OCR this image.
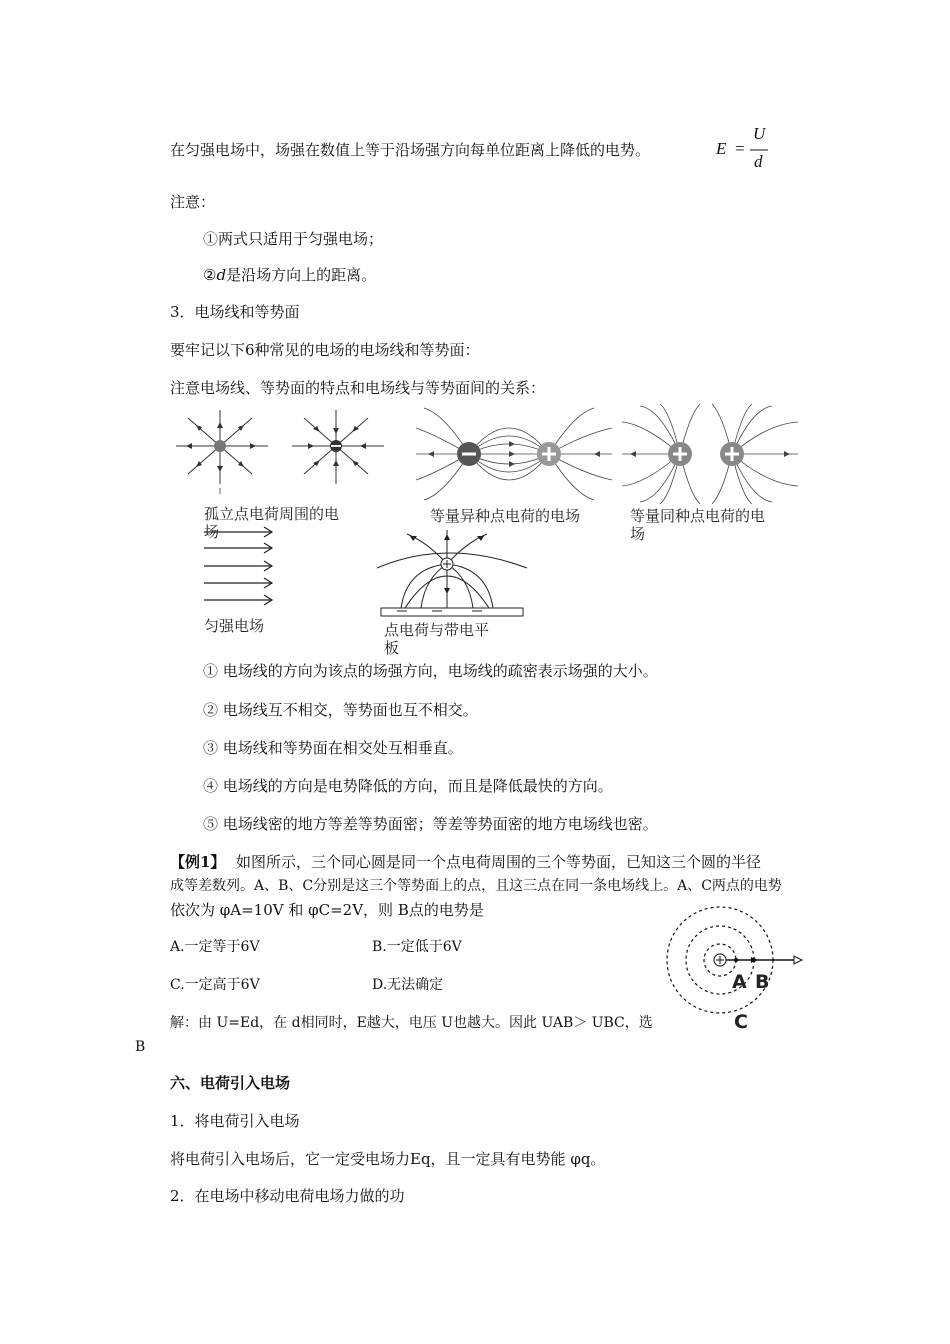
在匀强电场中，场强在数值上等于沿场强方向每单位距离上降低的电势。	E =
U
d
注意：
①两式只适用于匀强电场；
②d是沿场方向上的距离。
3．电场线和等势面
要牢记以下6种常见的电场的电场线和等势面：
注意电场线、等势面的特点和电场线与等势面间的关系：
孤立点电荷周围的电
场
等量异种点电荷的电场	等量同种点电荷的电
场
匀强电场	点电荷与带电平
板
① 电场线的方向为该点的场强方向，电场线的疏密表示场强的大小。
② 电场线互不相交，等势面也互不相交。
③ 电场线和等势面在相交处互相垂直。
④ 电场线的方向是电势降低的方向，而且是降低最快的方向。
⑤ 电场线密的地方等差等势面密；等差等势面密的地方电场线也密。
【例1】 如图所示，三个同心圆是同一个点电荷周围的三个等势面，已知这三个圆的半径
成等差数列。A、B、C分别是这三个等势面上的点，且这三点在同一条电场线上。A、C两点的电势
依次为 φA=10V 和 φC=2V，则 B点的电势是
A.一定等于6V	B.一定低于6V
C.一定高于6V	D.无法确定	A B
C
解：由 U=Ed，在 d相同时，E越大，电压 U也越大。因此 UAB＞ UBC，选
B
六、电荷引入电场
1．将电荷引入电场
将电荷引入电场后，它一定受电场力Eq，且一定具有电势能 φq。
2．在电场中移动电荷电场力做的功
